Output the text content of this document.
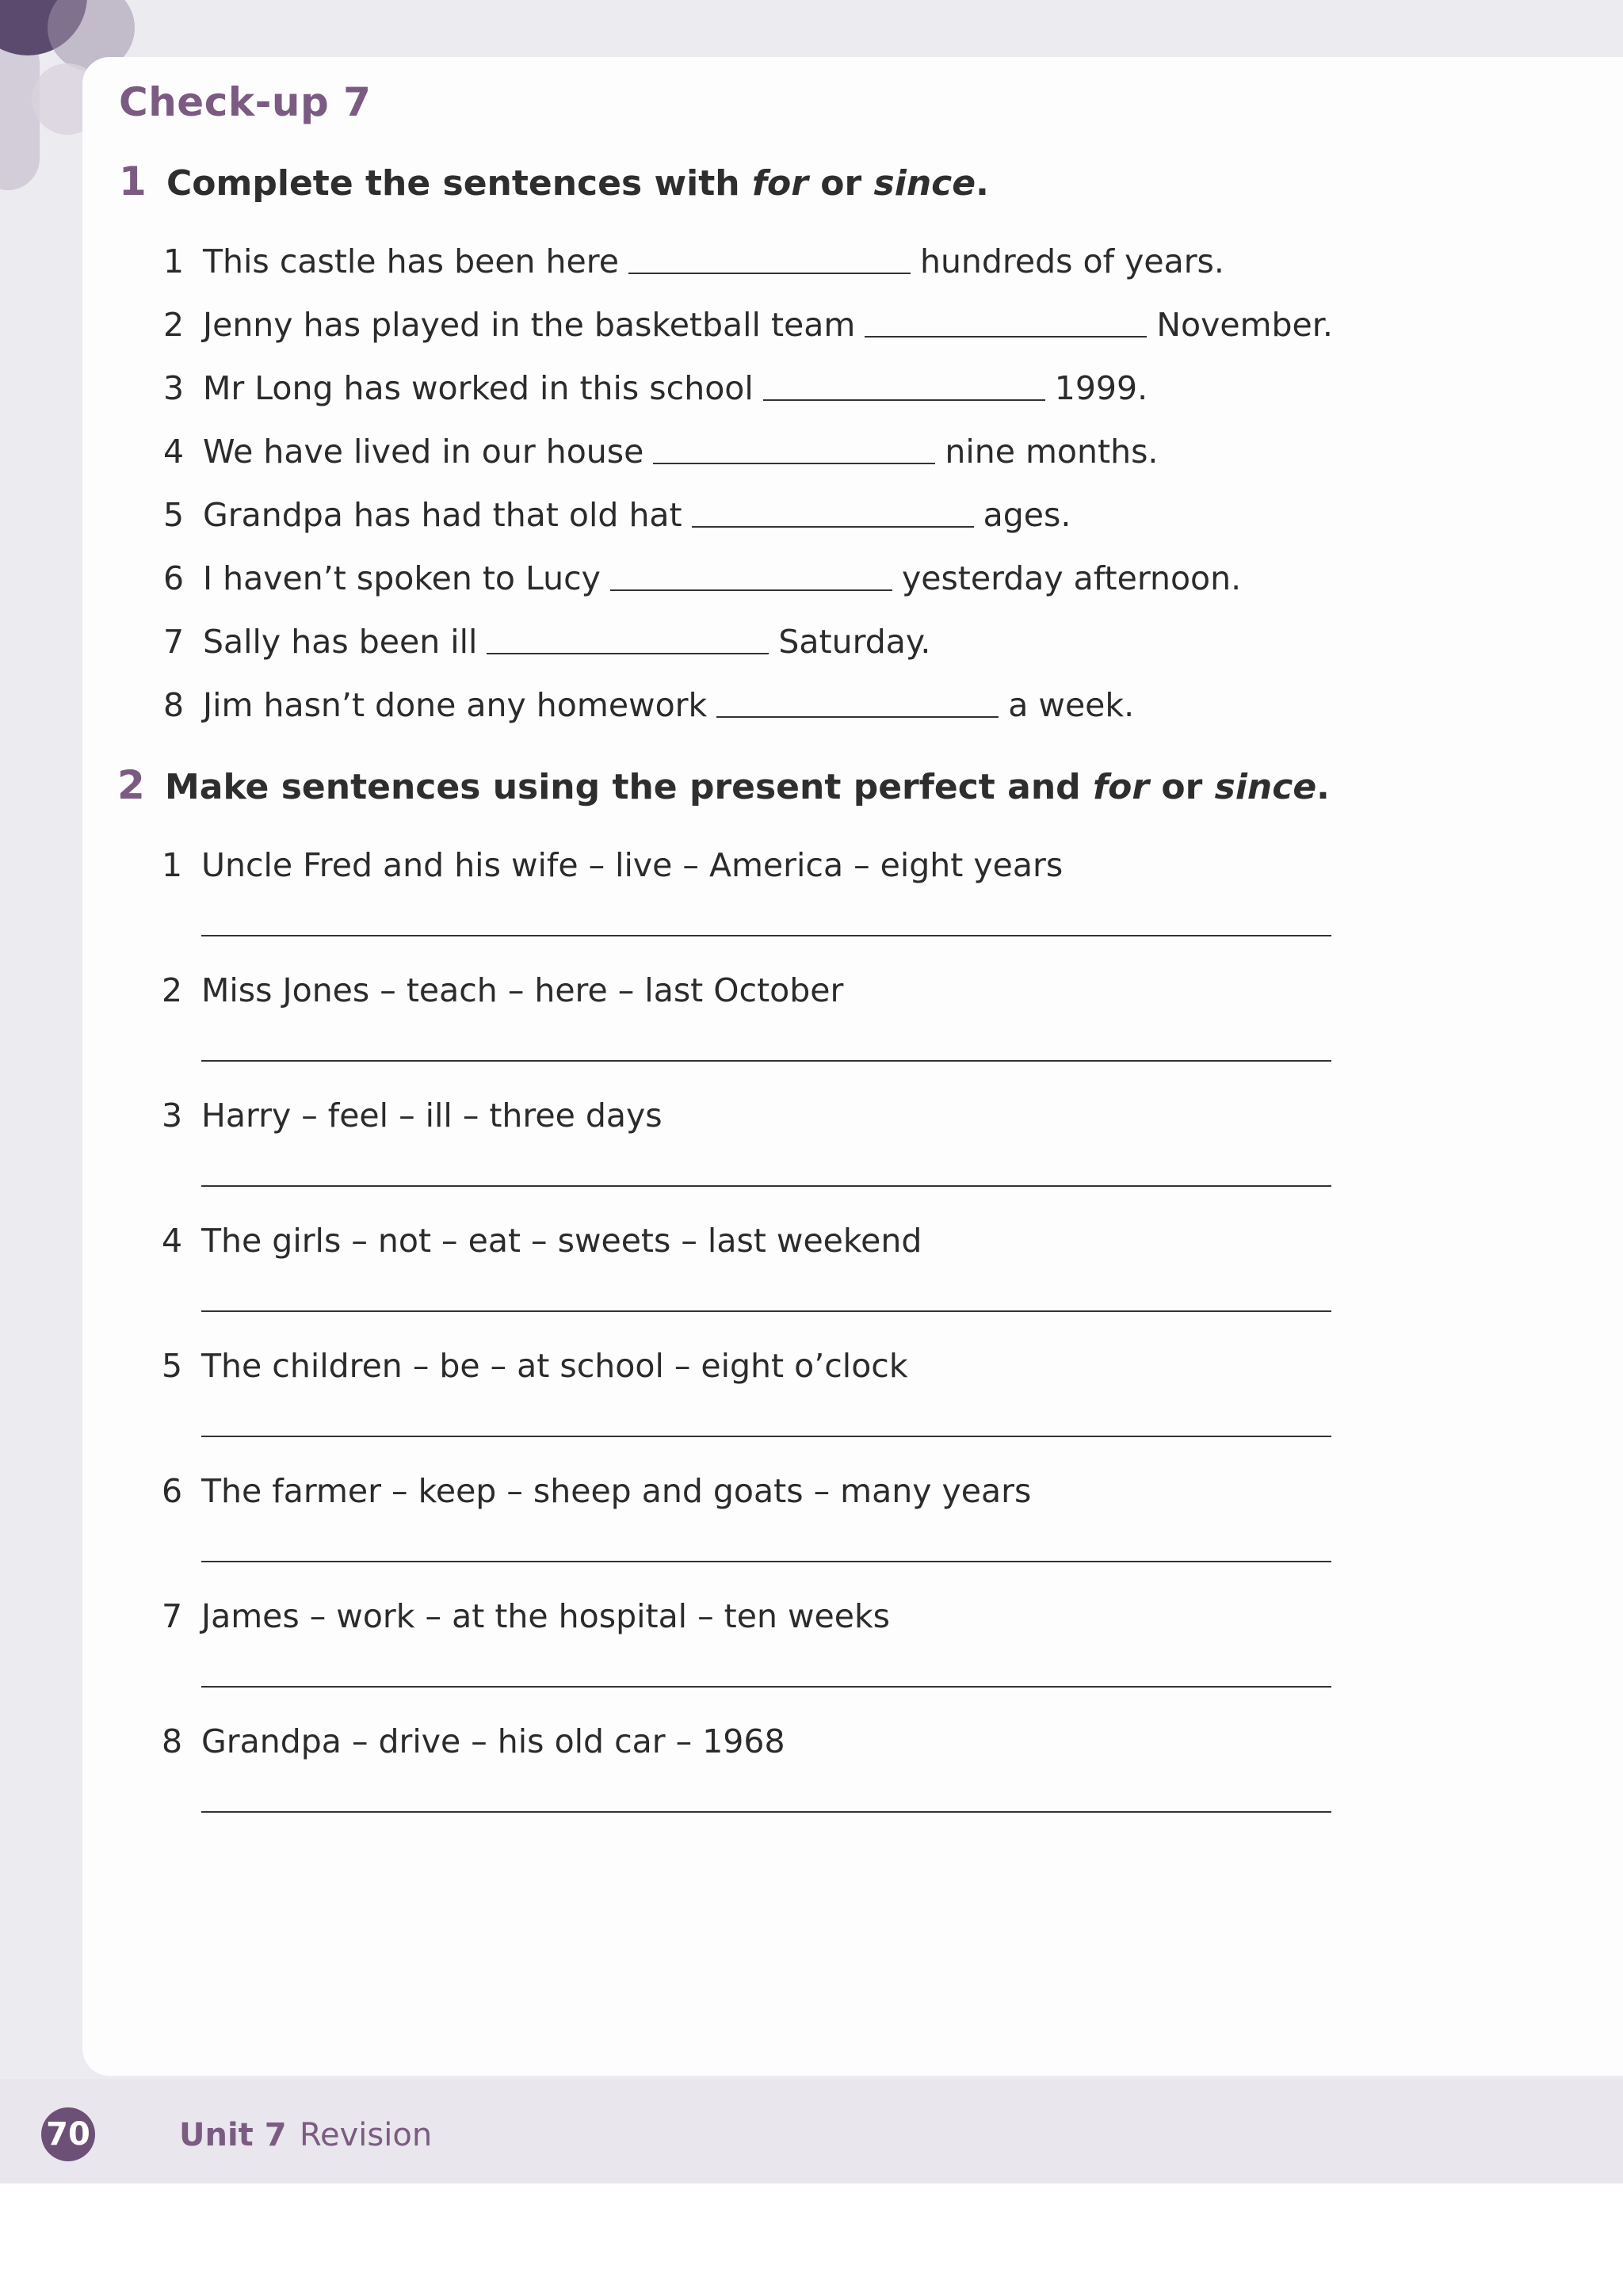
Check-up 7

1 Complete the sentences with for or since.

1 This castle has been here	hundreds of years.
2 Jenny has played in the basketball team	November.
3 Mr Long has worked in this school	1999.
4 We have lived in our house	nine months.
5 Grandpa has had that old hat	ages.
6 I haven’t spoken to Lucy	yesterday afternoon.
7 Sally has been ill	Saturday.
8 Jim hasn’t done any homework	a week.

2 Make sentences using the present perfect and for or since.

1 Uncle Fred and his wife – live – America – eight years
2 Miss Jones – teach – here – last October
3 Harry – feel – ill – three days
4 The girls – not – eat – sweets – last weekend
5 The children – be – at school – eight o’clock
6 The farmer – keep – sheep and goats – many years
7 James – work – at the hospital – ten weeks
8 Grandpa – drive – his old car – 1968
70	Unit 7 Revision
